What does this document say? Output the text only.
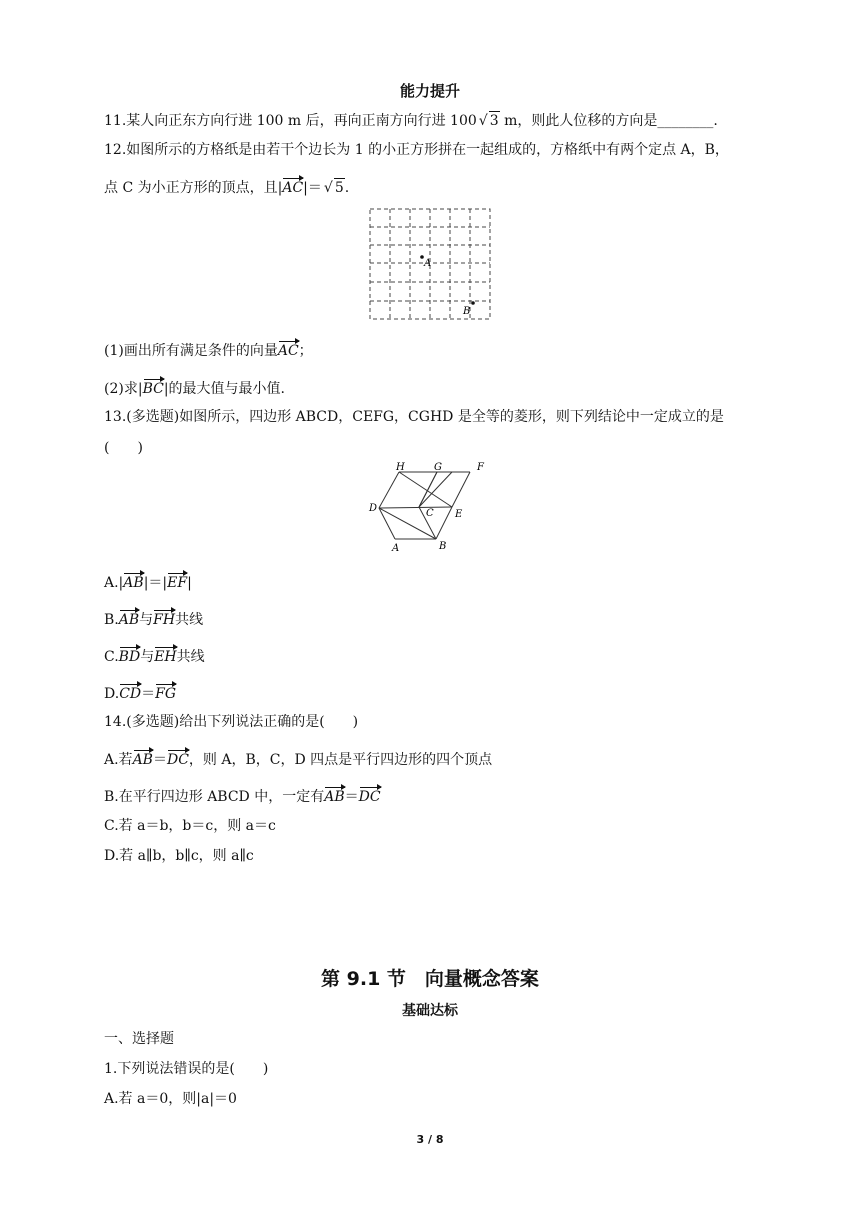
能力提升
11.某人向正东方向行进 100 m 后，再向正南方向行进 100 √ 3 m，则此人位移的方向是________.
12.如图所示的方格纸是由若干个边长为 1 的小正方形拼在一起组成的，方格纸中有两个定点 A，B，
点 C 为小正方形的顶点，且|AC|＝ √ 5.
A
B
(1)画出所有满足条件的向量AC；
(2)求|BC|的最大值与最小值.
13.(多选题)如图所示，四边形 ABCD，CEFG，CGHD 是全等的菱形，则下列结论中一定成立的是
(　　)
H	G	F
D	C E
A	B
A.|AB|＝|EF|
B.AB与FH共线
C.BD与EH共线
D.CD＝FG
14.(多选题)给出下列说法正确的是(　　)
A.若AB＝DC，则 A，B，C，D 四点是平行四边形的四个顶点
B.在平行四边形 ABCD 中，一定有AB＝DC
C.若 a＝b，b＝c，则 a＝c
D.若 a∥b，b∥c，则 a∥c
第 9.1 节　向量概念答案
基础达标
一、选择题
1.下列说法错误的是(　　)
A.若 a＝0，则|a|＝0
3 / 8
